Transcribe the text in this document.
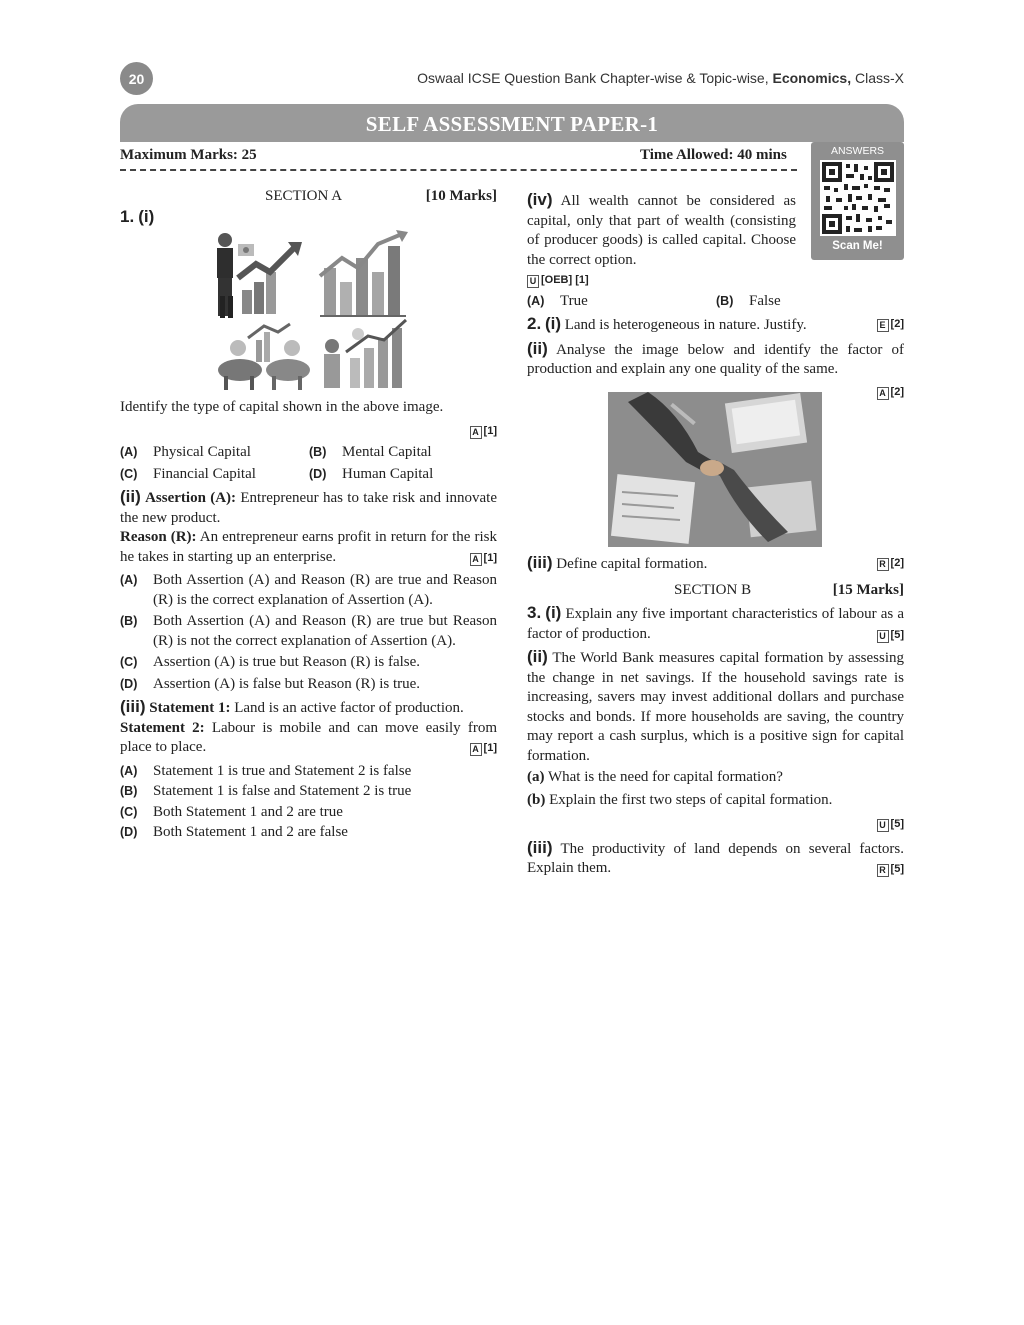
20	Oswaal ICSE Question Bank Chapter-wise & Topic-wise, Economics, Class-X
SELF ASSESSMENT PAPER-1
Maximum Marks: 25	Time Allowed: 40 mins	ANSWERS
Scan Me!
SECTION A	[10 Marks]
1. (i)

Identify the type of capital shown in the above image.

A [1]

(A)	Physical Capital	(B)	Mental Capital
(C)	Financial Capital	(D)	Human Capital

(ii) Assertion (A): Entrepreneur has to take risk and innovate the new product.

Reason (R): An entrepreneur earns profit in return for the risk he takes in starting up an enterprise.	A [1]

(A)	Both Assertion (A) and Reason (R) are true and Reason (R) is the correct explanation of Assertion (A).
(B)	Both Assertion (A) and Reason (R) are true but Reason (R) is not the correct explanation of Assertion (A).
(C)	Assertion (A) is true but Reason (R) is false.
(D)	Assertion (A) is false but Reason (R) is true.

(iii) Statement 1: Land is an active factor of production.

Statement 2: Labour is mobile and can move easily from place to place.	A [1]

(A)	Statement 1 is true and Statement 2 is false
(B)	Statement 1 is false and Statement 2 is true
(C)	Both Statement 1 and 2 are true
(D)	Both Statement 1 and 2 are false

(iv) All wealth cannot be considered as capital, only that part of wealth (consisting of producer goods) is called capital. Choose the correct option.

U [OEB] [1]

(A)	True	(B)	False

2. (i) Land is heterogeneous in nature. Justify.	E [2]

(ii) Analyse the image below and identify the factor of production and explain any one quality of the same.

A [2]

(iii) Define capital formation.	R [2]

SECTION B	[15 Marks]

3. (i) Explain any five important characteristics of labour as a factor of production.	U [5]

(ii) The World Bank measures capital formation by assessing the change in net savings. If the household savings rate is increasing, savers may invest additional dollars and purchase stocks and bonds. If more households are saving, the country may report a cash surplus, which is a positive sign for capital formation.

(a) What is the need for capital formation?

(b) Explain the first two steps of capital formation.

U [5]

(iii) The productivity of land depends on several factors. Explain them.	R [5]
